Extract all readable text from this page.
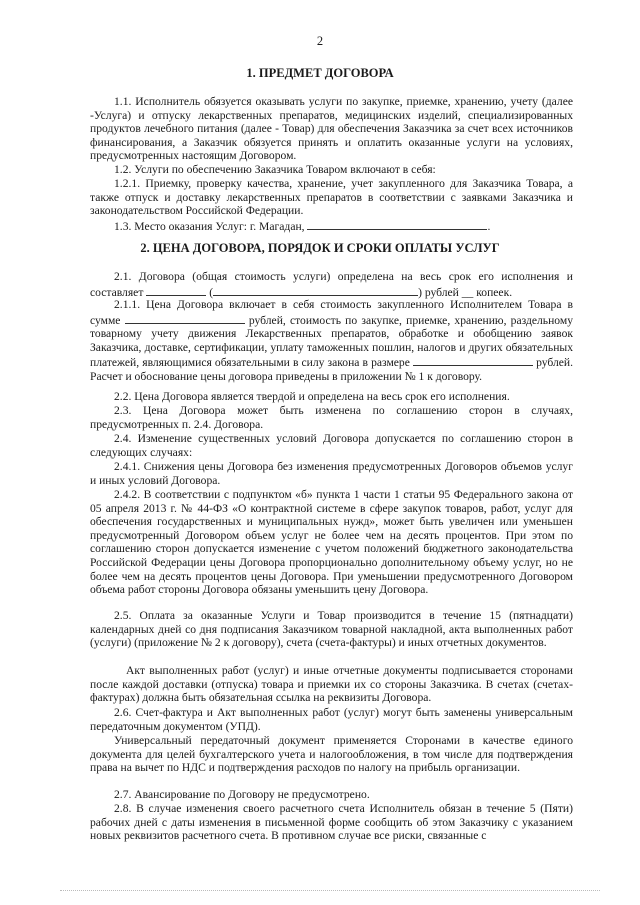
2
1. ПРЕДМЕТ ДОГОВОРА
1.1. Исполнитель обязуется оказывать услуги по закупке, приемке, хранению, учету (далее -Услуга) и отпуску лекарственных препаратов, медицинских изделий, специализированных продуктов лечебного питания (далее - Товар) для обеспечения Заказчика за счет всех источников финансирования, а Заказчик обязуется принять и оплатить оказанные услуги на условиях, предусмотренных настоящим Договором.
1.2. Услуги по обеспечению Заказчика Товаром включают в себя:
1.2.1. Приемку, проверку качества, хранение, учет закупленного для Заказчика Товара, а также отпуск и доставку лекарственных препаратов в соответствии с заявками Заказчика и законодательством Российской Федерации.
1.3. Место оказания Услуг: г. Магадан,	.
2. ЦЕНА ДОГОВОРА, ПОРЯДОК И СРОКИ ОПЛАТЫ УСЛУГ
2.1. Договора (общая стоимость услуги) определена на весь срок его исполнения и составляет	(	) рублей __ копеек.
2.1.1. Цена Договора включает в себя стоимость закупленного Исполнителем Товара в сумме	рублей, стоимость по закупке, приемке, хранению, раздельному товарному учету движения Лекарственных препаратов, обработке и обобщению заявок Заказчика, доставке, сертификации, уплату таможенных пошлин, налогов и других обязательных платежей, являющимися обязательными в силу закона в размере	рублей. Расчет и обоснование цены договора приведены в приложении № 1 к договору.
2.2. Цена Договора является твердой и определена на весь срок его исполнения.
2.3. Цена Договора может быть изменена по соглашению сторон в случаях, предусмотренных п. 2.4. Договора.
2.4. Изменение существенных условий Договора допускается по соглашению сторон в следующих случаях:
2.4.1. Снижения цены Договора без изменения предусмотренных Договоров объемов услуг и иных условий Договора.
2.4.2. В соответствии с подпунктом «б» пункта 1 части 1 статьи 95 Федерального закона от 05 апреля 2013 г. № 44-ФЗ «О контрактной системе в сфере закупок товаров, работ, услуг для обеспечения государственных и муниципальных нужд», может быть увеличен или уменьшен предусмотренный Договором объем услуг не более чем на десять процентов. При этом по соглашению сторон допускается изменение с учетом положений бюджетного законодательства Российской Федерации цены Договора пропорционально дополнительному объему услуг, но не более чем на десять процентов цены Договора. При уменьшении предусмотренного Договором объема работ стороны Договора обязаны уменьшить цену Договора.
2.5. Оплата за оказанные Услуги и Товар производится в течение 15 (пятнадцати) календарных дней со дня подписания Заказчиком товарной накладной, акта выполненных работ (услуги) (приложение № 2 к договору), счета (счета-фактуры) и иных отчетных документов.
Акт выполненных работ (услуг) и иные отчетные документы подписывается сторонами после каждой доставки (отпуска) товара и приемки их со стороны Заказчика. В счетах (счетах-фактурах) должна быть обязательная ссылка на реквизиты Договора.
2.6. Счет-фактура и Акт выполненных работ (услуг) могут быть заменены универсальным передаточным документом (УПД).
Универсальный передаточный документ применяется Сторонами в качестве единого документа для целей бухгалтерского учета и налогообложения, в том числе для подтверждения права на вычет по НДС и подтверждения расходов по налогу на прибыль организации.
2.7. Авансирование по Договору не предусмотрено.
2.8. В случае изменения своего расчетного счета Исполнитель обязан в течение 5 (Пяти) рабочих дней с даты изменения в письменной форме сообщить об этом Заказчику с указанием новых реквизитов расчетного счета. В противном случае все риски, связанные с
